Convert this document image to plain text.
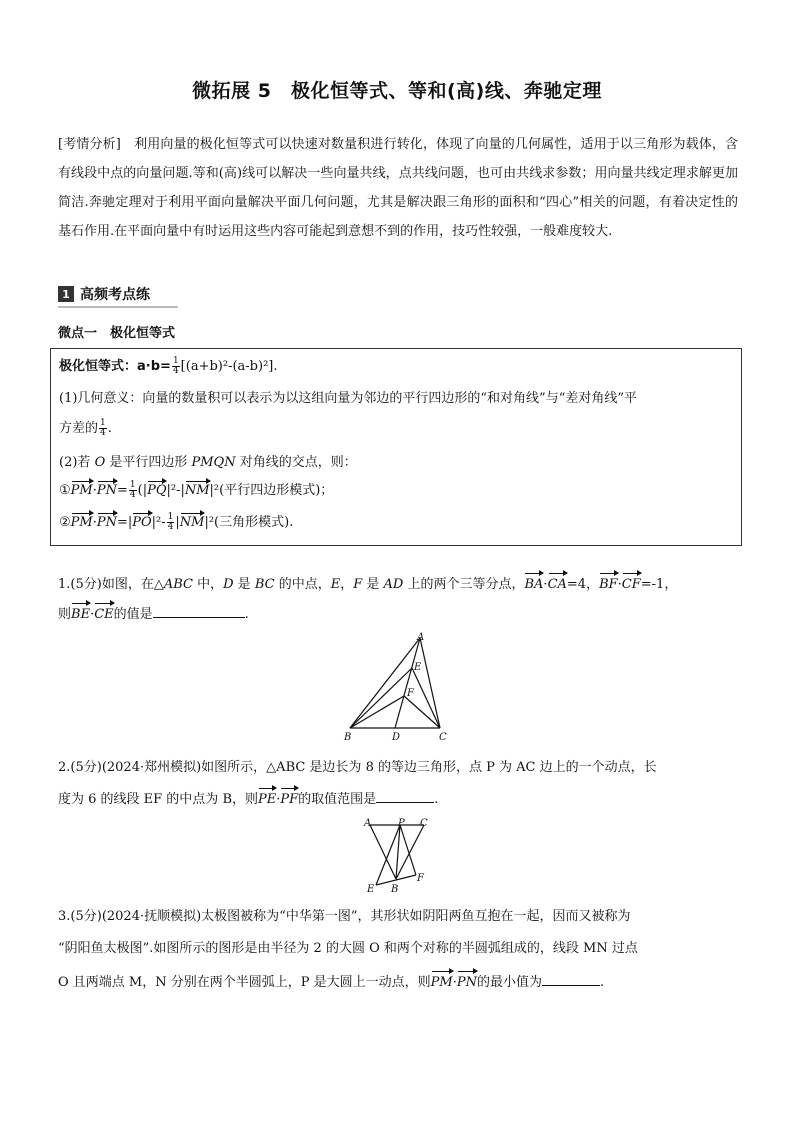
微拓展 5　极化恒等式、等和(高)线、奔驰定理
[考情分析]　利用向量的极化恒等式可以快速对数量积进行转化，体现了向量的几何属性，适用于以三角形为载体，含有线段中点的向量问题.等和(高)线可以解决一些向量共线，点共线问题，也可由共线求参数；用向量共线定理求解更加简洁.奔驰定理对于利用平面向量解决平面几何问题，尤其是解决跟三角形的面积和“四心”相关的问题，有着决定性的基石作用.在平面向量中有时运用这些内容可能起到意想不到的作用，技巧性较强，一般难度较大.
1 高频考点练
微点一　极化恒等式
极化恒等式：$a\cdot b= \frac{1}{4} [(a+b)^2-(a-b)^2]$.
(1)几何意义：向量的数量积可以表示为以这组向量为邻边的平行四边形的“和对角线”与“差对角线”平
方差的 $\frac{1}{4}$ .
(2)若 O 是平行四边形 PMQN 对角线的交点，则：
①PM·PN= $\frac{1}{4} (|PQ|^2-|NM|^2$(平行四边形模式)；
②PM·PN=|PO|²- $\frac{1}{4} |NM|^2$(三角形模式).
1.(5分)如图，在△ABC 中，D 是 BC 的中点，E，F 是 AD 上的两个三等分点，BA·CA=4，BF·CF=-1，
则BE·CE的值是	.
A
E
F
B	D	C
2.(5分)(2024·郑州模拟)如图所示，△ABC 是边长为 8 的等边三角形，点 P 为 AC 边上的一个动点，长
度为 6 的线段 EF 的中点为 B，则PE·PF的取值范围是	.
A	P C
E B
F
3.(5分)(2024·抚顺模拟)太极图被称为“中华第一图”，其形状如阴阳两鱼互抱在一起，因而又被称为
“阴阳鱼太极图”.如图所示的图形是由半径为 2 的大圆 O 和两个对称的半圆弧组成的，线段 MN 过点
O 且两端点 M，N 分别在两个半圆弧上，P 是大圆上一动点，则PM·PN的最小值为	.
